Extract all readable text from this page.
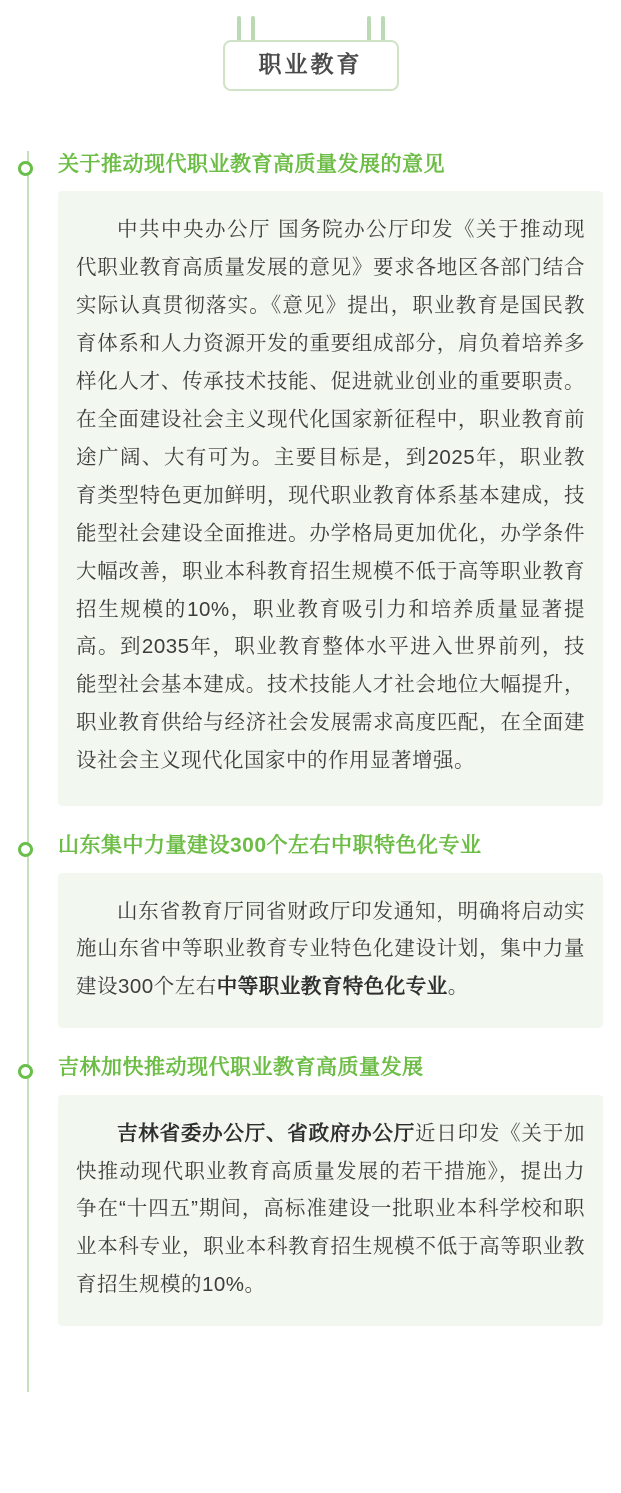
职业教育
关于推动现代职业教育高质量发展的意见

中共中央办公厅 国务院办公厅印发《关于推动现代职业教育高质量发展的意见》要求各地区各部门结合实际认真贯彻落实。《意见》提出，职业教育是国民教育体系和人力资源开发的重要组成部分，肩负着培养多样化人才、传承技术技能、促进就业创业的重要职责。在全面建设社会主义现代化国家新征程中，职业教育前途广阔、大有可为。主要目标是，到2025年，职业教育类型特色更加鲜明，现代职业教育体系基本建成，技能型社会建设全面推进。办学格局更加优化，办学条件大幅改善，职业本科教育招生规模不低于高等职业教育招生规模的10%，职业教育吸引力和培养质量显著提高。到2035年，职业教育整体水平进入世界前列，技能型社会基本建成。技术技能人才社会地位大幅提升，职业教育供给与经济社会发展需求高度匹配，在全面建设社会主义现代化国家中的作用显著增强。

山东集中力量建设300个左右中职特色化专业

山东省教育厅同省财政厅印发通知，明确将启动实施山东省中等职业教育专业特色化建设计划，集中力量建设300个左右中等职业教育特色化专业。

吉林加快推动现代职业教育高质量发展

吉林省委办公厅、省政府办公厅近日印发《关于加快推动现代职业教育高质量发展的若干措施》，提出力争在“十四五”期间，高标准建设一批职业本科学校和职业本科专业，职业本科教育招生规模不低于高等职业教育招生规模的10%。
